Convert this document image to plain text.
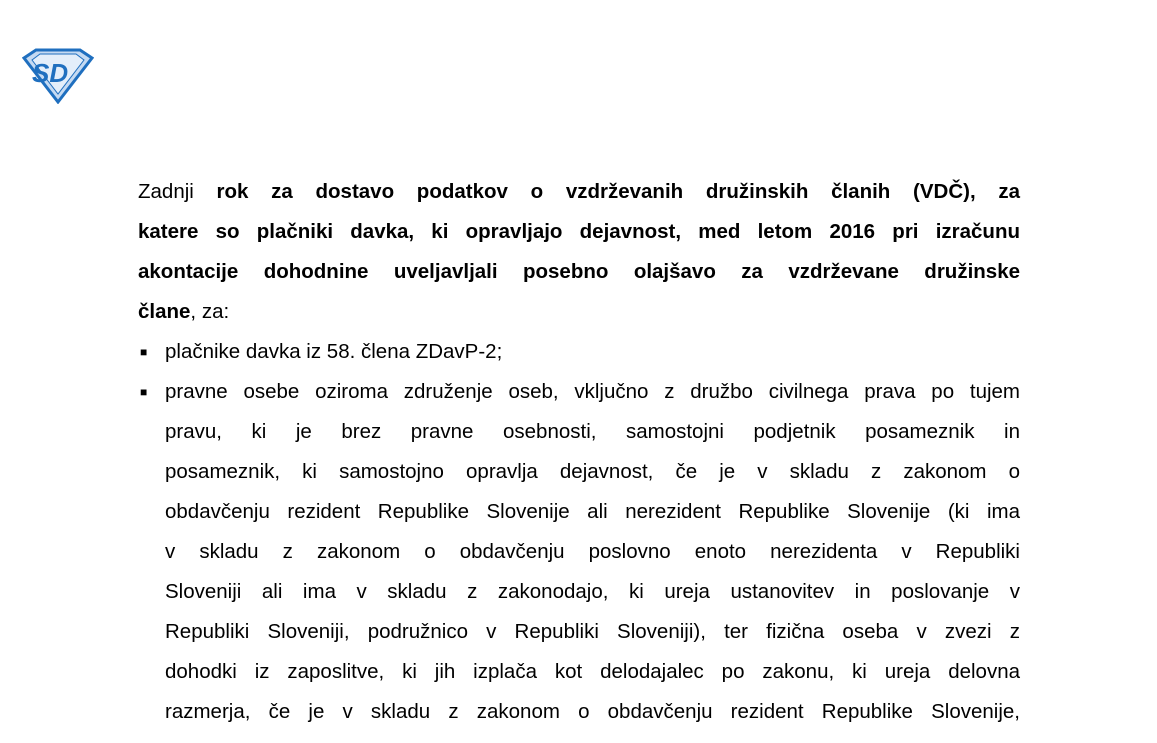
SD
Zadnji rok za dostavo podatkov o vzdrževanih družinskih članih (VDČ), za
katere so plačniki davka, ki opravljajo dejavnost, med letom 2016 pri izračunu
akontacije dohodnine uveljavljali posebno olajšavo za vzdrževane družinske
člane, za:
■ plačnike davka iz 58. člena ZDavP-2;
■ pravne osebe oziroma združenje oseb, vključno z družbo civilnega prava po tujem
pravu, ki je brez pravne osebnosti, samostojni podjetnik posameznik in
posameznik, ki samostojno opravlja dejavnost, če je v skladu z zakonom o
obdavčenju rezident Republike Slovenije ali nerezident Republike Slovenije (ki ima
v skladu z zakonom o obdavčenju poslovno enoto nerezidenta v Republiki
Sloveniji ali ima v skladu z zakonodajo, ki ureja ustanovitev in poslovanje v
Republiki Sloveniji, podružnico v Republiki Sloveniji), ter fizična oseba v zvezi z
dohodki iz zaposlitve, ki jih izplača kot delodajalec po zakonu, ki ureja delovna
razmerja, če je v skladu z zakonom o obdavčenju rezident Republike Slovenije,
